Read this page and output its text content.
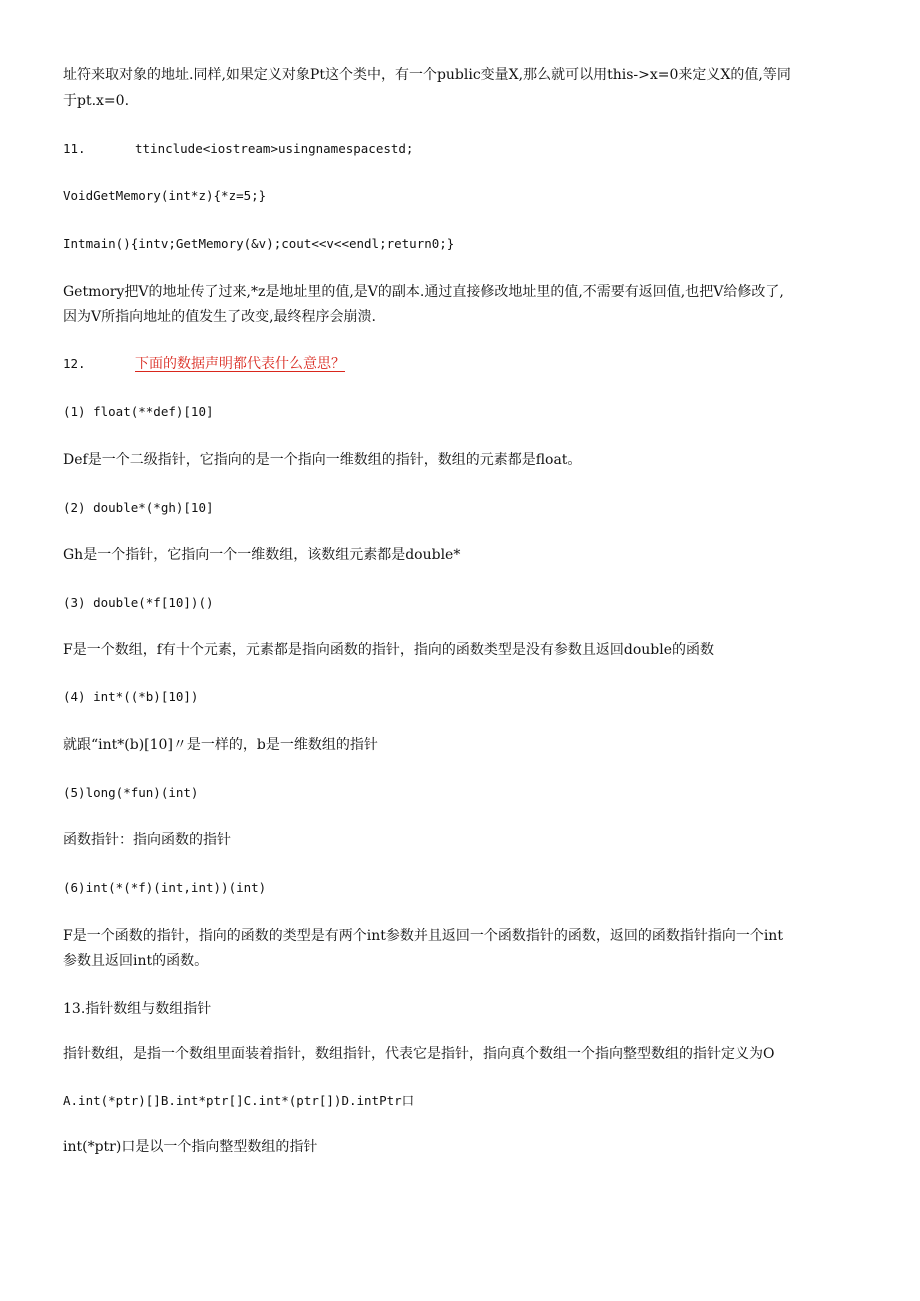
址符来取对象的地址.同样,如果定义对象Pt这个类中，有一个public变量X,那么就可以用this->x=0来定义X的值,等同
于pt.x=0.
11.	ttinclude<iostream>usingnamespacestd;
VoidGetMemory(int*z){*z=5;}
Intmain(){intv;GetMemory(&v);cout<<v<<endl;return0;}
Getmory把V的地址传了过来,*z是地址里的值,是V的副本.通过直接修改地址里的值,不需要有返回值,也把V给修改了,
因为V所指向地址的值发生了改变,最终程序会崩溃.
12.	下面的数据声明都代表什么意思？
(1) float(**def)[10]
Def是一个二级指针，它指向的是一个指向一维数组的指针，数组的元素都是float。
(2) double*(*gh)[10]
Gh是一个指针，它指向一个一维数组，该数组元素都是double*
(3) double(*f[10])()
F是一个数组，f有十个元素，元素都是指向函数的指针，指向的函数类型是没有参数且返回double的函数
(4) int*((*b)[10])
就跟“int*(b)[10]〃是一样的，b是一维数组的指针
(5)long(*fun)(int)
函数指针：指向函数的指针
(6)int(*(*f)(int,int))(int)
F是一个函数的指针，指向的函数的类型是有两个int参数并且返回一个函数指针的函数，返回的函数指针指向一个int
参数且返回int的函数。
13.指针数组与数组指针
指针数组，是指一个数组里面装着指针，数组指针，代表它是指针，指向真个数组一个指向整型数组的指针定义为O
A.int(*ptr)[]B.int*ptr[]C.int*(ptr[])D.intPtr口
int(*ptr)口是以一个指向整型数组的指针
